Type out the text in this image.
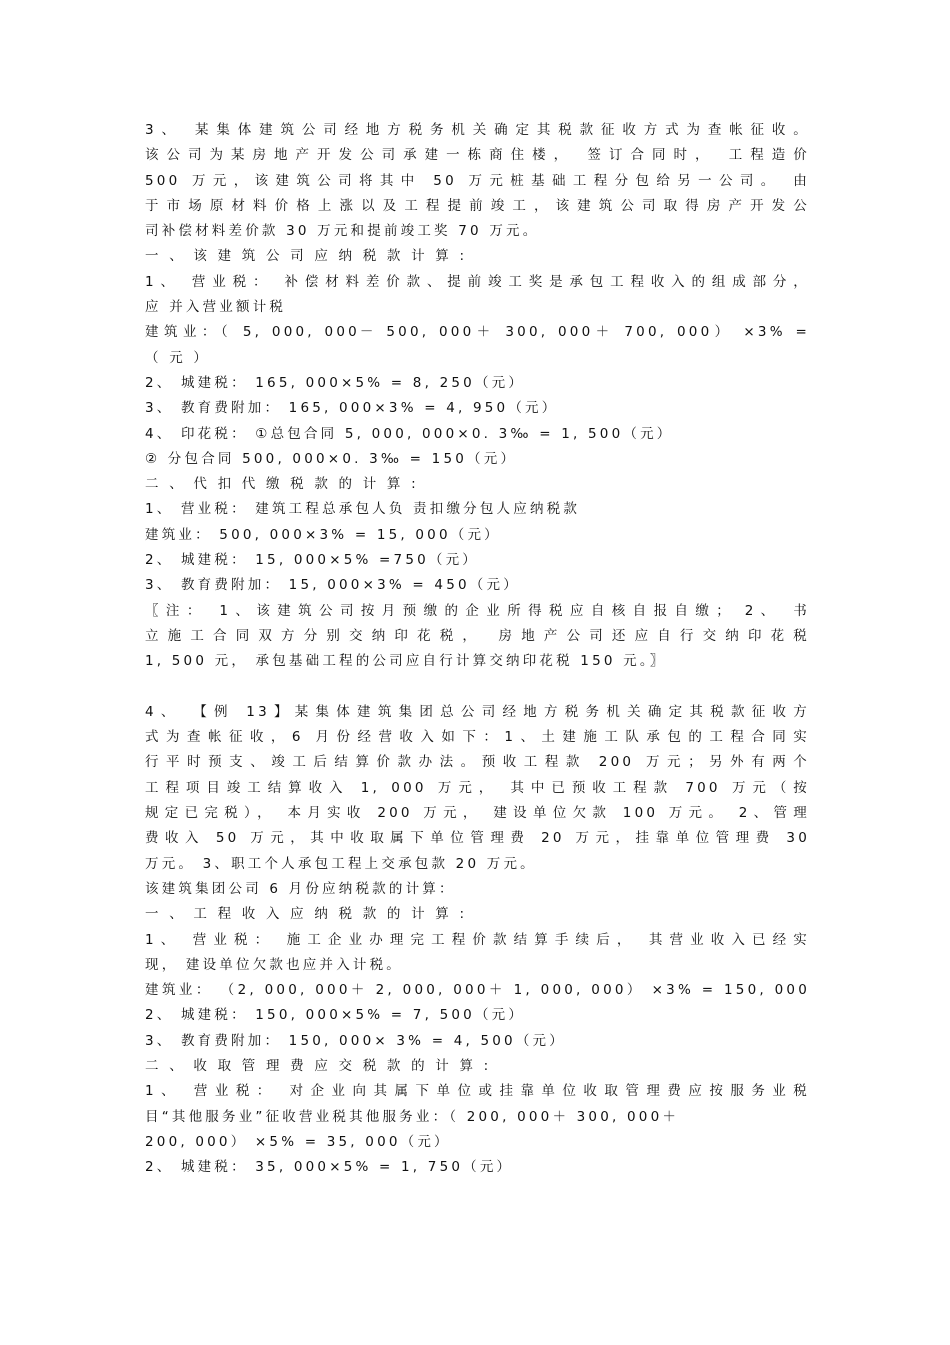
3、 某集体建筑公司经地方税务机关确定其税款征收方式为查帐征收。
该公司为某房地产开发公司承建一栋商住楼， 签订合同时， 工程造价
500 万元，该建筑公司将其中 50 万元桩基础工程分包给另一公司。 由
于市场原材料价格上涨以及工程提前竣工，该建筑公司取得房产开发公
司补偿材料差价款 30 万元和提前竣工奖 70 万元。
一 、 该 建 筑 公 司 应 纳 税 款 计 算 :
1、 营业税： 补偿材料差价款、提前竣工奖是承包工程收入的组成部分，
应 并入营业额计税
建筑业：（ 5, 000, 000－ 500, 000＋ 300, 000＋ 700, 000） ×3% =
（ 元 ）
2、 城建税： 165, 000×5% = 8, 250（元）
3、 教育费附加： 165, 000×3% = 4, 950（元）
4、 印花税： ①总包合同 5, 000, 000×0. 3‰ = 1, 500（元）
② 分包合同 500, 000×0. 3‰ = 150（元）
二 、 代 扣 代 缴 税 款 的 计 算 :
1、 营业税： 建筑工程总承包人负 责扣缴分包人应纳税款
建筑业： 500, 000×3% = 15, 000（元）
2、 城建税： 15, 000×5% =750（元）
3、 教育费附加： 15, 000×3% = 450（元）
〖注： 1、该建筑公司按月预缴的企业所得税应自核自报自缴； 2、 书
立施工合同双方分别交纳印花税， 房地产公司还应自行交纳印花税
1, 500 元， 承包基础工程的公司应自行计算交纳印花税 150 元。〗
4、 【例 13】某集体建筑集团总公司经地方税务机关确定其税款征收方
式为查帐征收，6 月份经营收入如下：1、土建施工队承包的工程合同实
行平时预支、竣工后结算价款办法。预收工程款 200 万元；另外有两个
工程项目竣工结算收入 1, 000 万元， 其中已预收工程款 700 万元（按
规定已完税）， 本月实收 200 万元， 建设单位欠款 100 万元。 2、管理
费收入 50 万元，其中收取属下单位管理费 20 万元，挂靠单位管理费 30
万元。 3、职工个人承包工程上交承包款 20 万元。
该建筑集团公司 6 月份应纳税款的计算：
一 、 工 程 收 入 应 纳 税 款 的 计 算 :
1、 营业税： 施工企业办理完工程价款结算手续后， 其营业收入已经实
现， 建设单位欠款也应并入计税。
建筑业： （2, 000, 000＋ 2, 000, 000＋ 1, 000, 000） ×3% = 150, 000
2、 城建税： 150, 000×5% = 7, 500（元）
3、 教育费附加： 150, 000× 3% = 4, 500（元）
二 、 收 取 管 理 费 应 交 税 款 的 计 算 :
1、 营业税： 对企业向其属下单位或挂靠单位收取管理费应按服务业税
目“其他服务业”征收营业税其他服务业：（ 200, 000＋ 300, 000＋
200, 000） ×5% = 35, 000（元）
2、 城建税： 35, 000×5% = 1, 750（元）
